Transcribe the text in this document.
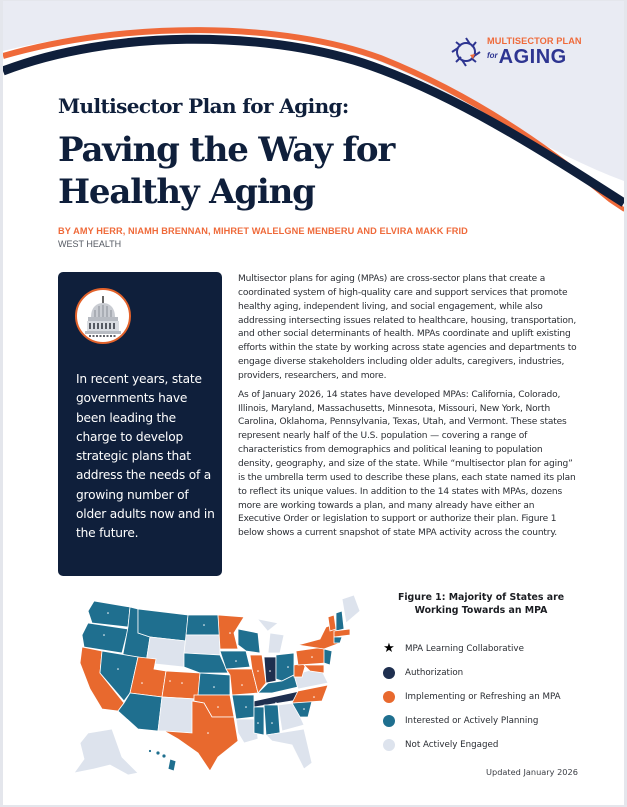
MULTISECTOR PLAN
for AGING
Multisector Plan for Aging:
Paving the Way for
Healthy Aging
BY AMY HERR, NIAMH BRENNAN, MIHRET WALELGNE MENBERU AND ELVIRA MAKK FRID
WEST HEALTH
In recent years, state governments have been leading the charge to develop strategic plans that address the needs of a growing number of older adults now and in the future.

Multisector plans for aging (MPAs) are cross-sector plans that create a coordinated system of high-quality care and support services that promote healthy aging, independent living, and social engagement, while also addressing intersecting issues related to healthcare, housing, transportation, and other social determinants of health. MPAs coordinate and uplift existing efforts within the state by working across state agencies and departments to engage diverse stakeholders including older adults, caregivers, industries, providers, researchers, and more.

As of January 2026, 14 states have developed MPAs: California, Colorado, Illinois, Maryland, Massachusetts, Minnesota, Missouri, New York, North Carolina, Oklahoma, Pennsylvania, Texas, Utah, and Vermont. These states represent nearly half of the U.S. population — covering a range of characteristics from demographics and political leaning to population density, geography, and size of the state. While “multisector plan for aging” is the umbrella term used to describe these plans, each state named its plan to reflect its unique values. In addition to the 14 states with MPAs, dozens more are working towards a plan, and many already have either an Executive Order or legislation to support or authorize their plan. Figure 1 below shows a current snapshot of state MPA activity across the country.

Figure 1: Majority of States are Working Towards an MPA
★ MPA Learning Collaborative
Authorization
Implementing or Refreshing an MPA
Interested or Actively Planning
Not Actively Engaged
Updated January 2026
